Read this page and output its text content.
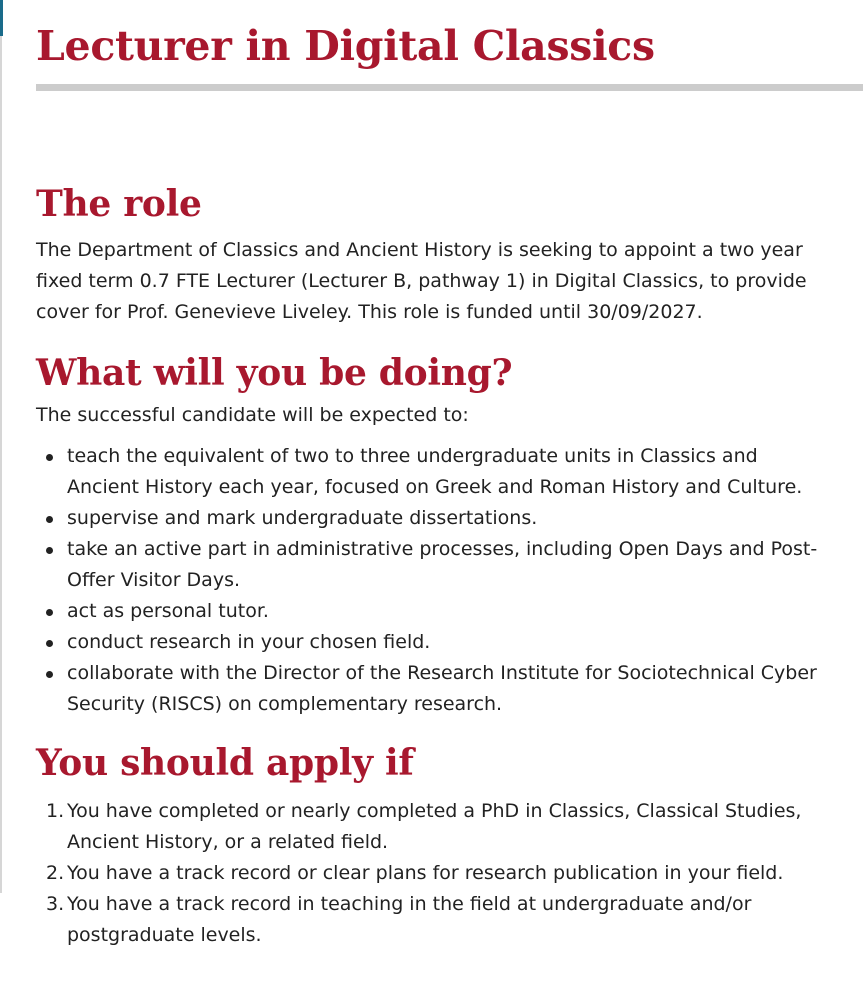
Lecturer in Digital Classics
The role

The Department of Classics and Ancient History is seeking to appoint a two year fixed term 0.7 FTE Lecturer (Lecturer B, pathway 1) in Digital Classics, to provide cover for Prof. Genevieve Liveley. This role is funded until 30/09/2027.

What will you be doing?

The successful candidate will be expected to:

teach the equivalent of two to three undergraduate units in Classics and Ancient History each year, focused on Greek and Roman History and Culture.
supervise and mark undergraduate dissertations.
take an active part in administrative processes, including Open Days and Post-Offer Visitor Days.
act as personal tutor.
conduct research in your chosen field.
collaborate with the Director of the Research Institute for Sociotechnical Cyber Security (RISCS) on complementary research.
You should apply if
1. You have completed or nearly completed a PhD in Classics, Classical Studies, Ancient History, or a related field.
2. You have a track record or clear plans for research publication in your field.
3. You have a track record in teaching in the field at undergraduate and/or postgraduate levels.
